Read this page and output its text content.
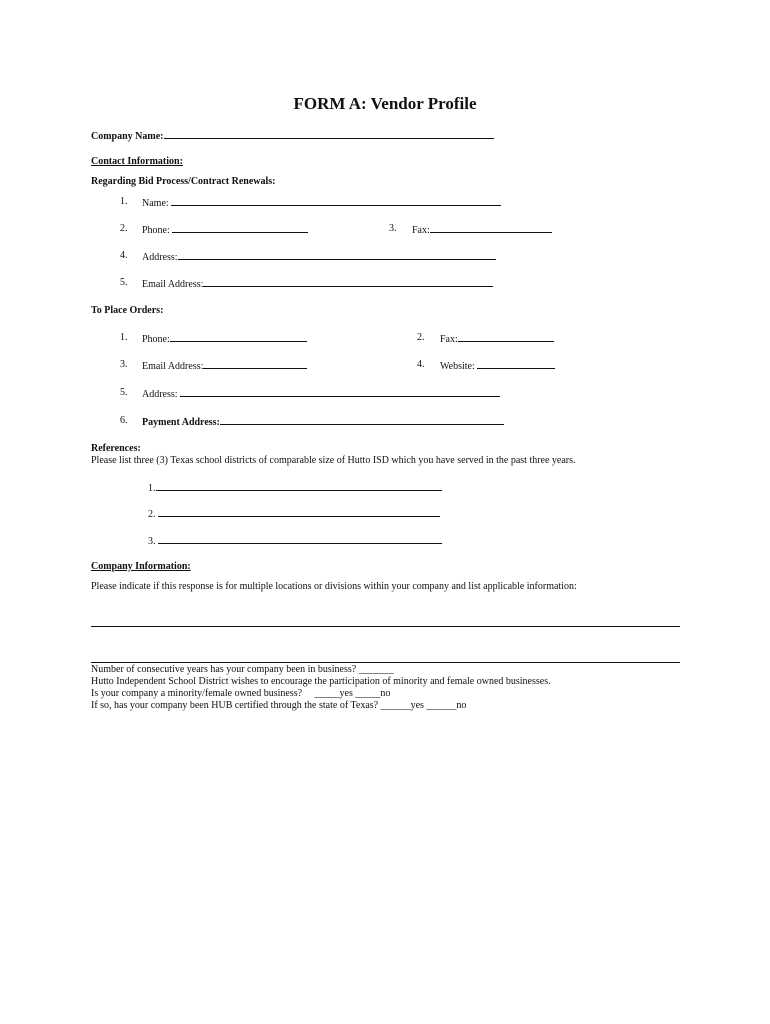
FORM A: Vendor Profile
Company Name:
Contact Information:
Regarding Bid Process/Contract Renewals:
1. Name:
2. Phone:	3. Fax:
4. Address:
5. Email Address:
To Place Orders:
1. Phone:	2. Fax:
3. Email Address:	4. Website:
5. Address:
6. Payment Address:
References:
Please list three (3) Texas school districts of comparable size of Hutto ISD which you have served in the past three years.
1.
2.
3.
Company Information:
Please indicate if this response is for multiple locations or divisions within your company and list applicable information:
Number of consecutive years has your company been in business? _______
Hutto Independent School District wishes to encourage the participation of minority and female owned businesses.
Is your company a minority/female owned business?     _____yes _____no
If so, has your company been HUB certified through the state of Texas? ______yes ______no
